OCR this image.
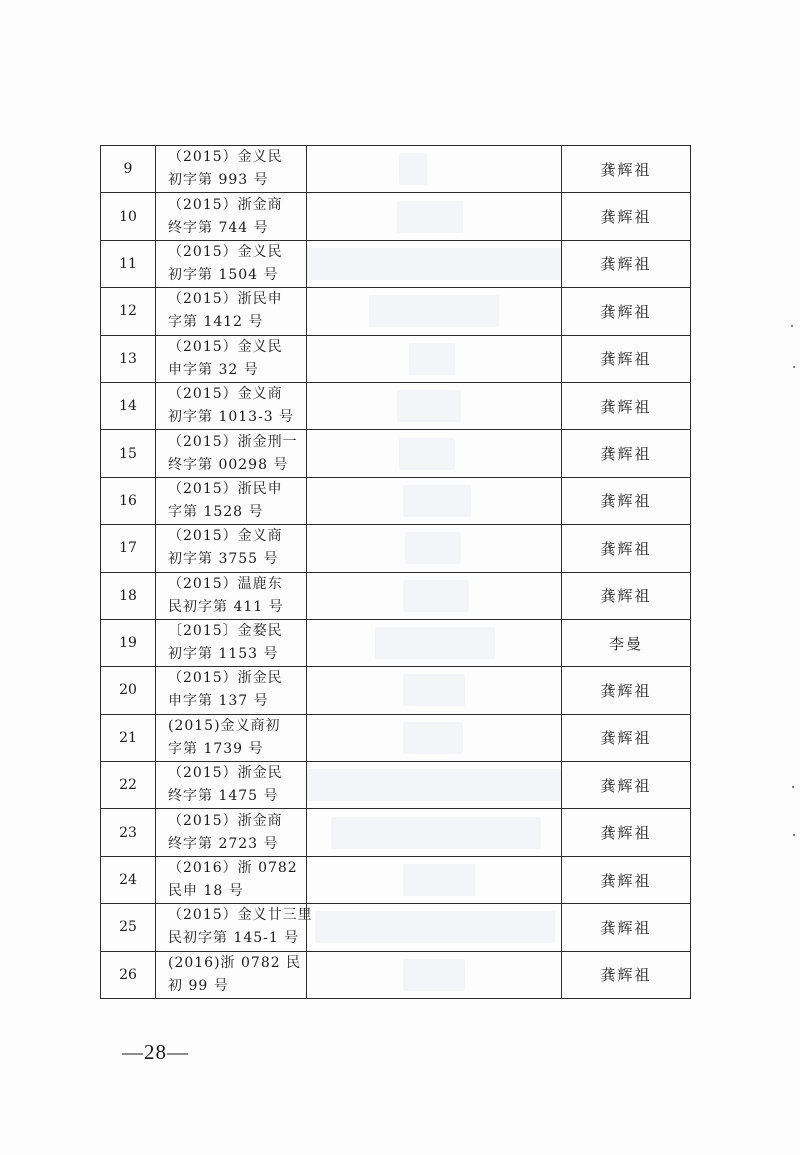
9	（2015）金义民
初字第 993 号		龚辉祖
10	（2015）浙金商
终字第 744 号		龚辉祖
11	（2015）金义民
初字第 1504 号		龚辉祖
12	（2015）浙民申
字第 1412 号		龚辉祖
13	（2015）金义民
申字第 32 号		龚辉祖
14	（2015）金义商
初字第 1013-3 号		龚辉祖
15	（2015）浙金刑一
终字第 00298 号		龚辉祖
16	（2015）浙民申
字第 1528 号		龚辉祖
17	（2015）金义商
初字第 3755 号		龚辉祖
18	（2015）温鹿东
民初字第 411 号		龚辉祖
19	〔2015〕金婺民
初字第 1153 号		李曼
20	（2015）浙金民
申字第 137 号		龚辉祖
21	(2015)金义商初
字第 1739 号		龚辉祖
22	（2015）浙金民
终字第 1475 号		龚辉祖
23	（2015）浙金商
终字第 2723 号		龚辉祖
24	（2016）浙 0782
民申 18 号		龚辉祖
25	（2015）金义廿三里
民初字第 145-1 号		龚辉祖
26	(2016)浙 0782 民
初 99 号		龚辉祖
—28—
